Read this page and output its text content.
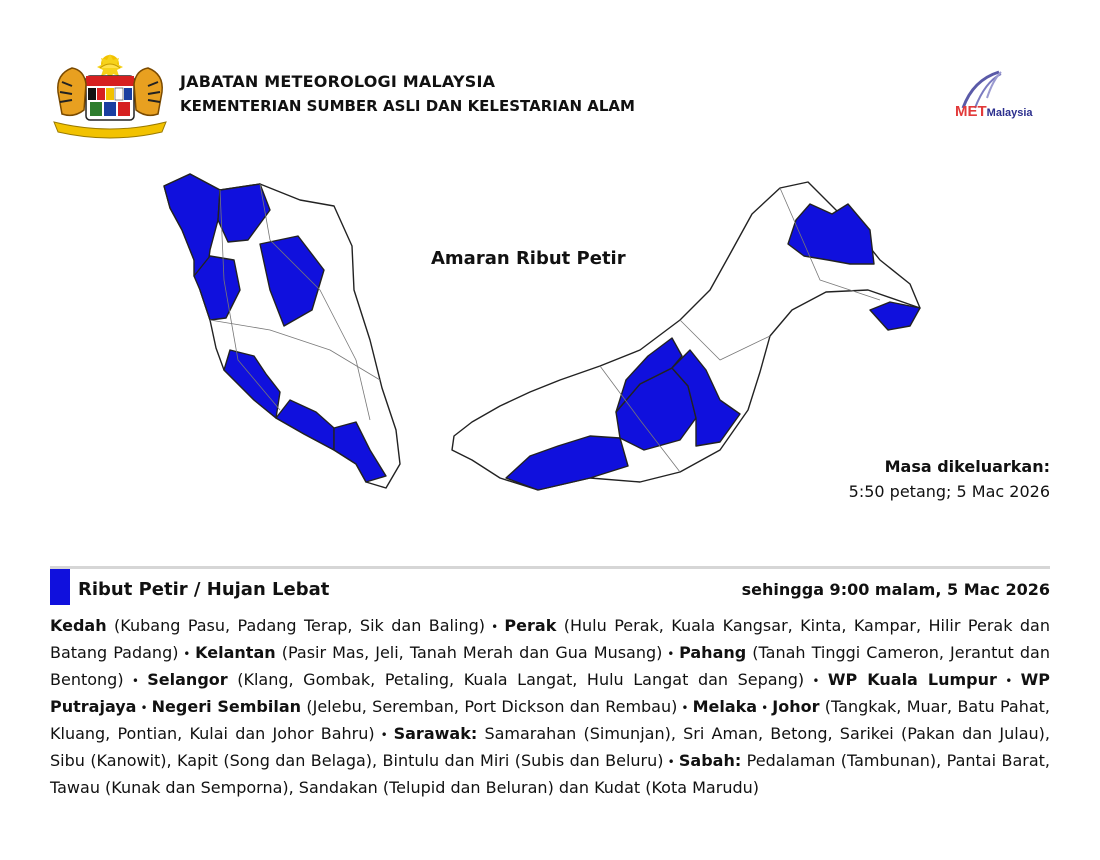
JABATAN METEOROLOGI MALAYSIA
KEMENTERIAN SUMBER ASLI DAN KELESTARIAN ALAM	METMalaysia
Amaran Ribut Petir
Masa dikeluarkan:
5:50 petang; 5 Mac 2026
Ribut Petir / Hujan Lebat	sehingga 9:00 malam, 5 Mac 2026
Kedah (Kubang Pasu, Padang Terap, Sik dan Baling) • Perak (Hulu Perak, Kuala Kangsar, Kinta, Kampar, Hilir Perak dan Batang Padang) • Kelantan (Pasir Mas, Jeli, Tanah Merah dan Gua Musang) • Pahang (Tanah Tinggi Cameron, Jerantut dan Bentong) • Selangor (Klang, Gombak, Petaling, Kuala Langat, Hulu Langat dan Sepang) • WP Kuala Lumpur • WP Putrajaya • Negeri Sembilan (Jelebu, Seremban, Port Dickson dan Rembau) • Melaka • Johor (Tangkak, Muar, Batu Pahat, Kluang, Pontian, Kulai dan Johor Bahru) • Sarawak: Samarahan (Simunjan), Sri Aman, Betong, Sarikei (Pakan dan Julau), Sibu (Kanowit), Kapit (Song dan Belaga), Bintulu dan Miri (Subis dan Beluru) • Sabah: Pedalaman (Tambunan), Pantai Barat, Tawau (Kunak dan Semporna), Sandakan (Telupid dan Beluran) dan Kudat (Kota Marudu)
